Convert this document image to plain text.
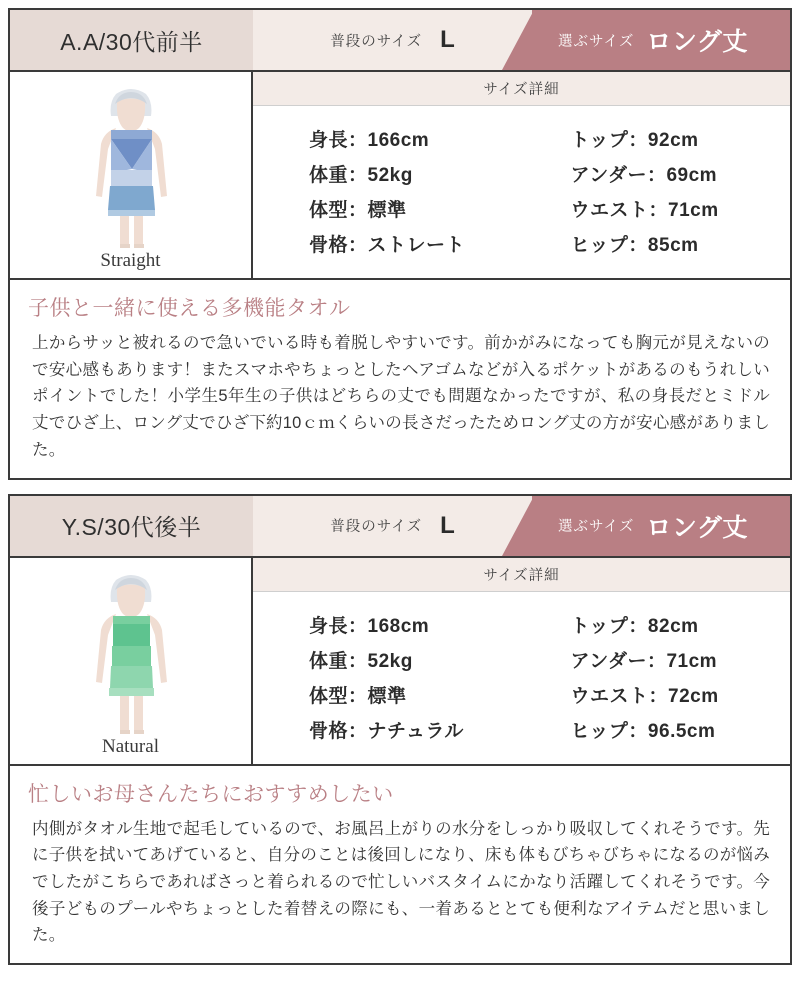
A.A/30代前半	普段のサイズ L	選ぶサイズ ロング丈
Straight
サイズ詳細
身長：166cm
体重：52kg
体型：標準
骨格：ストレート
トップ：92cm
アンダー：69cm
ウエスト：71cm
ヒップ：85cm
子供と一緒に使える多機能タオル
上からサッと被れるので急いでいる時も着脱しやすいです。前かがみになっても胸元が見えないので安心感もあります！またスマホやちょっとしたヘアゴムなどが入るポケットがあるのもうれしいポイントでした！小学生5年生の子供はどちらの丈でも問題なかったですが、私の身長だとミドル丈でひざ上、ロング丈でひざ下約10ｃｍくらいの長さだったためロング丈の方が安心感がありました。
Y.S/30代後半	普段のサイズ L	選ぶサイズ ロング丈
Natural
サイズ詳細
身長：168cm
体重：52kg
体型：標準
骨格：ナチュラル
トップ：82cm
アンダー：71cm
ウエスト：72cm
ヒップ：96.5cm
忙しいお母さんたちにおすすめしたい
内側がタオル生地で起毛しているので、お風呂上がりの水分をしっかり吸収してくれそうです。先に子供を拭いてあげていると、自分のことは後回しになり、床も体もびちゃびちゃになるのが悩みでしたがこちらであればさっと着られるので忙しいバスタイムにかなり活躍してくれそうです。今後子どものプールやちょっとした着替えの際にも、一着あるととても便利なアイテムだと思いました。
